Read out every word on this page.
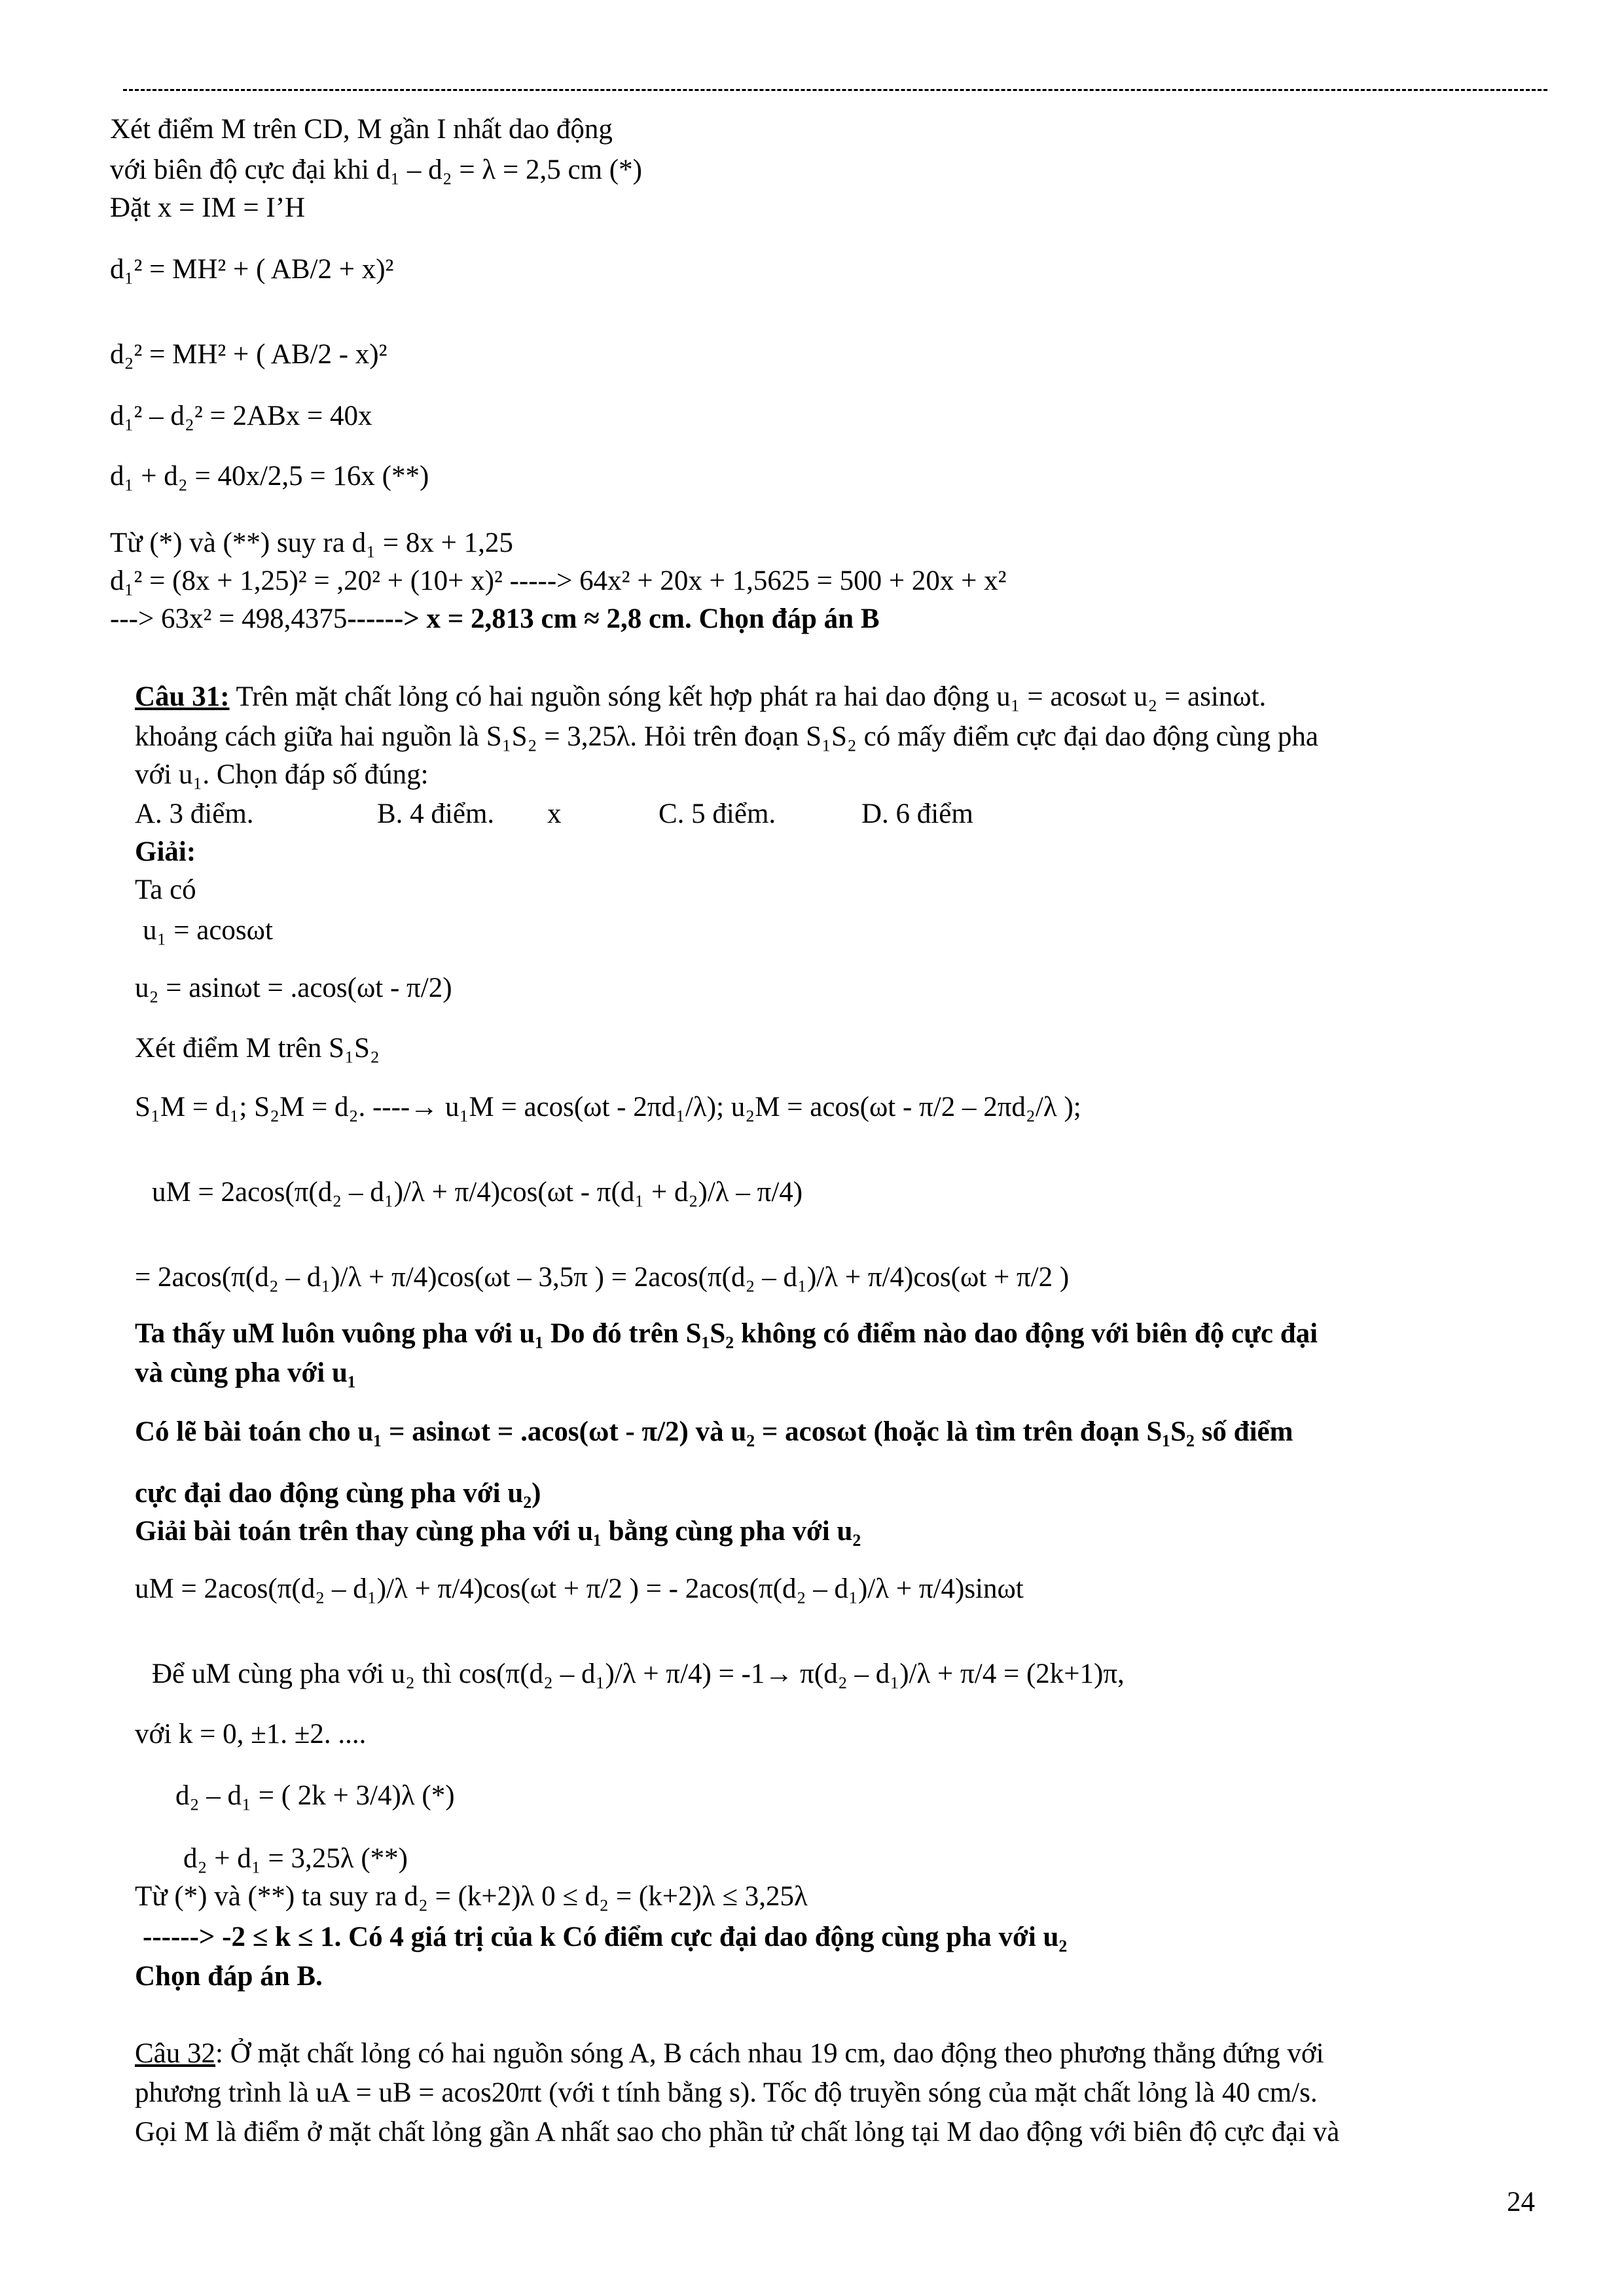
Xét điểm M trên CD, M gần I nhất dao động
với biên độ cực đại khi d₁ – d₂ = λ = 2,5 cm (*)
Đặt x = IM = I’H
d₁² = MH² + ( AB/2 + x)²
d₂² = MH² + ( AB/2 - x)²
d₁² – d₂² = 2ABx = 40x
d₁ + d₂ = 40x/2,5 = 16x (**)
Từ (*) và (**) suy ra d₁ = 8x + 1,25
d₁² = (8x + 1,25)² = ,20² + (10+ x)² -----> 64x² + 20x + 1,5625 = 500 + 20x + x²
---> 63x² = 498,4375------> x = 2,813 cm ≈ 2,8 cm. Chọn đáp án B
Câu 31: Trên mặt chất lỏng có hai nguồn sóng kết hợp phát ra hai dao động u₁ = acosωt u₂ = asinωt.
khoảng cách giữa hai nguồn là S₁S₂ = 3,25λ. Hỏi trên đoạn S₁S₂ có mấy điểm cực đại dao động cùng pha
với u₁. Chọn đáp số đúng:
A. 3 điểm.	B. 4 điểm. x	C. 5 điểm.	D. 6 điểm
Giải:
Ta có
u₁ = acosωt
u₂ = asinωt = .acos(ωt - π/2)
Xét điểm M trên S₁S₂
S₁M = d₁; S₂M = d₂. ----→ u₁M = acos(ωt - 2πd₁/λ); u₂M = acos(ωt - π/2 – 2πd₂/λ );
uM = 2acos(π(d₂ – d₁)/λ + π/4)cos(ωt - π(d₁ + d₂)/λ – π/4)
= 2acos(π(d₂ – d₁)/λ + π/4)cos(ωt – 3,5π ) = 2acos(π(d₂ – d₁)/λ + π/4)cos(ωt + π/2 )
Ta thấy uM luôn vuông pha với u₁ Do đó trên S₁S₂ không có điểm nào dao động với biên độ cực đại
và cùng pha với u₁
Có lẽ bài toán cho u₁ = asinωt = .acos(ωt - π/2) và u₂ = acosωt (hoặc là tìm trên đoạn S₁S₂ số điểm
cực đại dao động cùng pha với u₂)
Giải bài toán trên thay cùng pha với u₁ bằng cùng pha với u₂
uM = 2acos(π(d₂ – d₁)/λ + π/4)cos(ωt + π/2 ) = - 2acos(π(d₂ – d₁)/λ + π/4)sinωt
Để uM cùng pha với u₂ thì cos(π(d₂ – d₁)/λ + π/4) = -1→ π(d₂ – d₁)/λ + π/4 = (2k+1)π,
với k = 0, ±1. ±2. ....
d₂ – d₁ = ( 2k + 3/4)λ (*)
d₂ + d₁ = 3,25λ (**)
Từ (*) và (**) ta suy ra d₂ = (k+2)λ 0 ≤ d₂ = (k+2)λ ≤ 3,25λ
------> -2 ≤ k ≤ 1. Có 4 giá trị của k Có điểm cực đại dao động cùng pha với u₂
Chọn đáp án B.
Câu 32: Ở mặt chất lỏng có hai nguồn sóng A, B cách nhau 19 cm, dao động theo phương thẳng đứng với
phương trình là uA = uB = acos20πt (với t tính bằng s). Tốc độ truyền sóng của mặt chất lỏng là 40 cm/s.
Gọi M là điểm ở mặt chất lỏng gần A nhất sao cho phần tử chất lỏng tại M dao động với biên độ cực đại và
24
